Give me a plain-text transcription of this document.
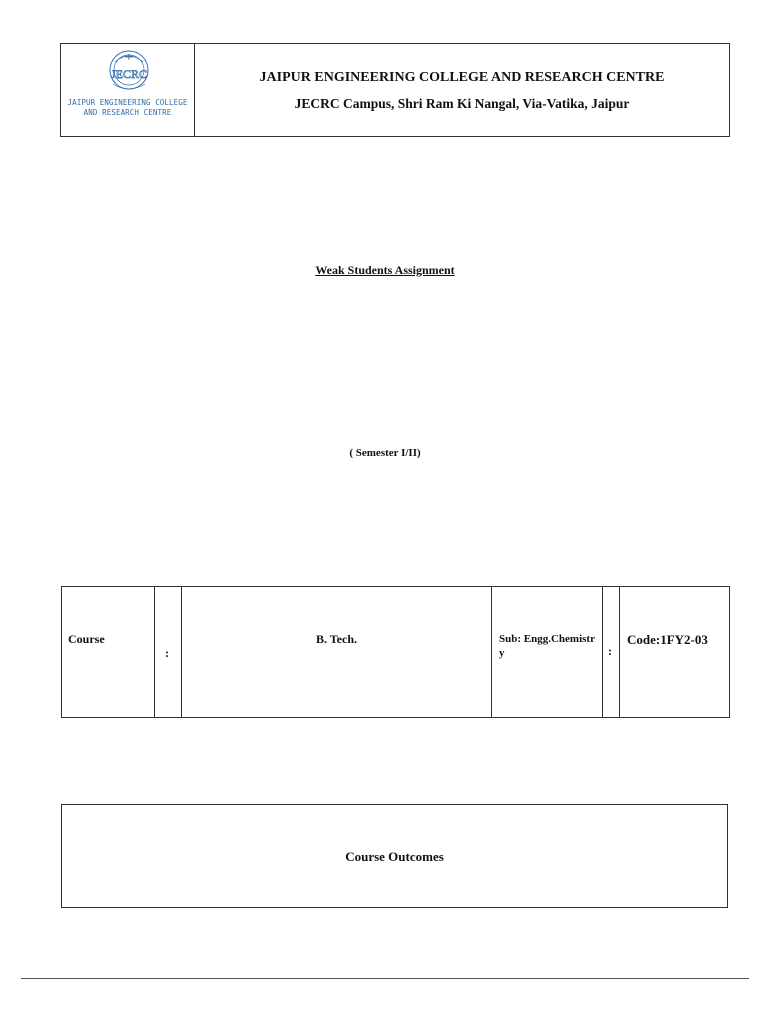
JECRC
JAIPUR ENGINEERING COLLEGE
AND RESEARCH CENTRE
JAIPUR ENGINEERING COLLEGE AND RESEARCH CENTRE
JECRC Campus, Shri Ram Ki Nangal, Via-Vatika, Jaipur
Weak Students Assignment
( Semester I/II)
Course
:
B. Tech.	Sub: Engg.Chemistry	:
Code:1FY2-03
Course Outcomes
